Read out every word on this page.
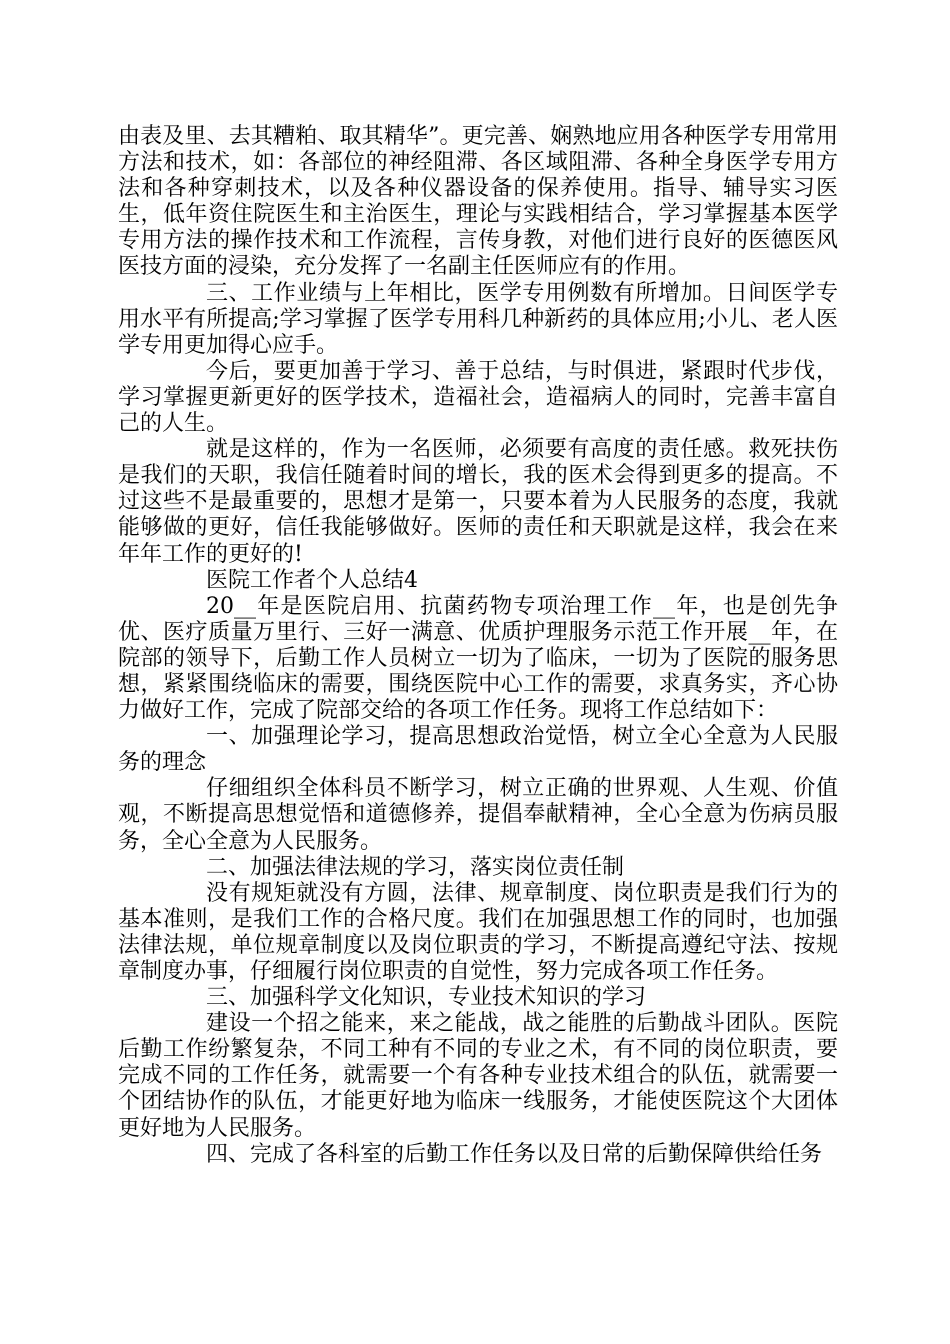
由表及里、去其糟粕、取其精华”。更完善、娴熟地应用各种医学专用常用方法和技术，如：各部位的神经阻滞、各区域阻滞、各种全身医学专用方法和各种穿刺技术，以及各种仪器设备的保养使用。指导、辅导实习医生，低年资住院医生和主治医生，理论与实践相结合，学习掌握基本医学专用方法的操作技术和工作流程，言传身教，对他们进行良好的医德医风医技方面的浸染，充分发挥了一名副主任医师应有的作用。

三、工作业绩与上年相比，医学专用例数有所增加。日间医学专用水平有所提高;学习掌握了医学专用科几种新药的具体应用;小儿、老人医学专用更加得心应手。

今后，要更加善于学习、善于总结，与时俱进，紧跟时代步伐，学习掌握更新更好的医学技术，造福社会，造福病人的同时，完善丰富自己的人生。

就是这样的，作为一名医师，必须要有高度的责任感。救死扶伤是我们的天职，我信任随着时间的增长，我的医术会得到更多的提高。不过这些不是最重要的，思想才是第一，只要本着为人民服务的态度，我就能够做的更好，信任我能够做好。医师的责任和天职就是这样，我会在来年年工作的更好的!

医院工作者个人总结4

20__年是医院启用、抗菌药物专项治理工作__年，也是创先争优、医疗质量万里行、三好一满意、优质护理服务示范工作开展__年，在院部的领导下，后勤工作人员树立一切为了临床，一切为了医院的服务思想，紧紧围绕临床的需要，围绕医院中心工作的需要，求真务实，齐心协力做好工作，完成了院部交给的各项工作任务。现将工作总结如下：

一、加强理论学习，提高思想政治觉悟，树立全心全意为人民服务的理念

仔细组织全体科员不断学习，树立正确的世界观、人生观、价值观，不断提高思想觉悟和道德修养，提倡奉献精神，全心全意为伤病员服务，全心全意为人民服务。

二、加强法律法规的学习，落实岗位责任制

没有规矩就没有方圆，法律、规章制度、岗位职责是我们行为的基本准则，是我们工作的合格尺度。我们在加强思想工作的同时，也加强法律法规，单位规章制度以及岗位职责的学习，不断提高遵纪守法、按规章制度办事，仔细履行岗位职责的自觉性，努力完成各项工作任务。

三、加强科学文化知识，专业技术知识的学习

建设一个招之能来，来之能战，战之能胜的后勤战斗团队。医院后勤工作纷繁复杂，不同工种有不同的专业之术，有不同的岗位职责，要完成不同的工作任务，就需要一个有各种专业技术组合的队伍，就需要一个团结协作的队伍，才能更好地为临床一线服务，才能使医院这个大团体更好地为人民服务。

四、完成了各科室的后勤工作任务以及日常的后勤保障供给任务
